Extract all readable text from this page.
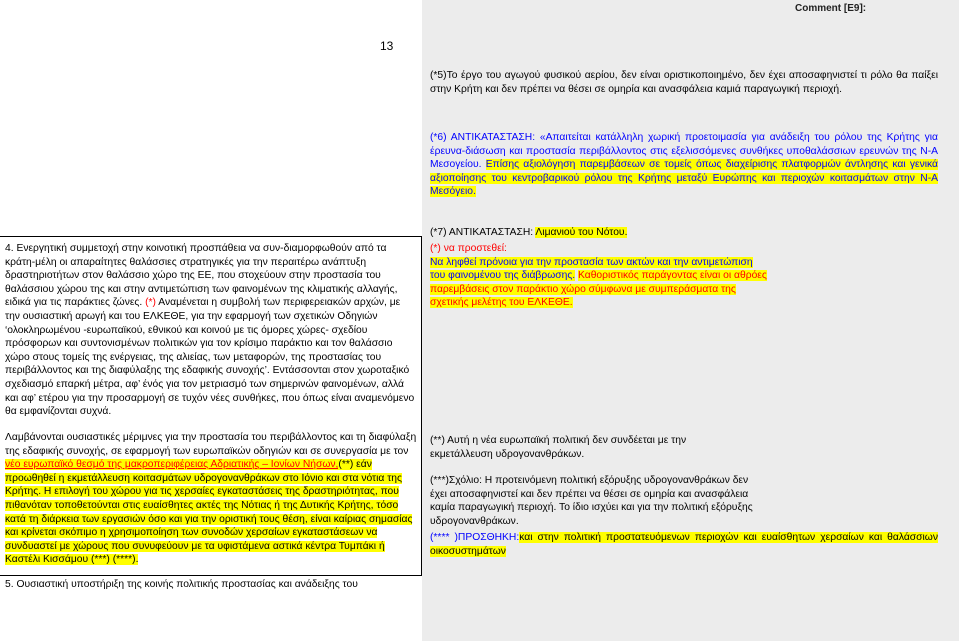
13
Comment [Ε9]:
(*5)Το έργο του αγωγού φυσικού αερίου, δεν είναι οριστικοποιημένο, δεν έχει αποσαφηνιστεί τι ρόλο θα παίξει στην Κρήτη και δεν πρέπει να θέσει σε ομηρία και ανασφάλεια καμιά παραγωγική περιοχή.
(*6) ΑΝΤΙΚΑΤΑΣΤΑΣΗ: «Απαιτείται κατάλληλη χωρική προετοιμασία για ανάδειξη του ρόλου της Κρήτης για έρευνα-διάσωση και προστασία περιβάλλοντος στις εξελισσόμενες συνθήκες υποθαλάσσιων ερευνών της Ν-Α Μεσογείου. Επίσης αξιολόγηση παρεμβάσεων σε τομείς όπως διαχείρισης πλατφορμών άντλησης και γενικά αξιοποίησης του κεντροβαρικού ρόλου της Κρήτης μεταξύ Ευρώπης και περιοχών κοιτασμάτων στην Ν-Α Μεσόγειο.
(*7) ΑΝΤΙΚΑΤΑΣΤΑΣΗ: Λιμανιού του Νότου.
(*) να προστεθεί:
Να ληφθεί πρόνοια για την προστασία των ακτών και την αντιμετώπιση του φαινομένου της διάβρωσης. Καθοριστικός παράγοντας είναι οι αθρόες παρεμβάσεις στον παράκτιο χώρο σύμφωνα με συμπεράσματα της σχετικής μελέτης του ΕΛΚΕΘΕ.
(**) Αυτή η νέα ευρωπαϊκή πολιτική δεν συνδέεται με την εκμετάλλευση υδρογονανθράκων.
(***)Σχόλιο: Η προτεινόμενη πολιτική εξόρυξης υδρογονανθράκων δεν έχει αποσαφηνιστεί και δεν πρέπει να θέσει σε ομηρία και ανασφάλεια καμία παραγωγική περιοχή. Το ίδιο ισχύει και για την πολιτική εξόρυξης υδρογονανθράκων.
(**** )ΠΡΟΣΘΗΚΗ:και στην πολιτική προστατευόμενων περιοχών και ευαίσθητων χερσαίων και θαλάσσιων οικοσυστημάτων
4. Ενεργητική συμμετοχή στην κοινοτική προσπάθεια να συν-διαμορφωθούν από τα κράτη-μέλη οι απαραίτητες θαλάσσιες στρατηγικές για την περαιτέρω ανάπτυξη δραστηριοτήτων στον θαλάσσιο χώρο της ΕΕ, που στοχεύουν στην προστασία του θαλάσσιου χώρου της και στην αντιμετώπιση των φαινομένων της κλιματικής αλλαγής, ειδικά για τις παράκτιες ζώνες. (*) Αναμένεται η συμβολή των περιφερειακών αρχών, με την ουσιαστική αρωγή και του ΕΛΚΕΘΕ, για την εφαρμογή των σχετικών Οδηγιών ‘ολοκληρωμένου -ευρωπαϊκού, εθνικού και κοινού με τις όμορες χώρες- σχεδίου πρόσφορων και συντονισμένων πολιτικών για τον κρίσιμο παράκτιο και τον θαλάσσιο χώρο στους τομείς της ενέργειας, της αλιείας, των μεταφορών, της προστασίας του περιβάλλοντος και της διαφύλαξης της εδαφικής συνοχής’. Εντάσσονται στον χωροταξικό σχεδιασμό επαρκή μέτρα, αφ’ ένός για τον μετριασμό των σημερινών φαινομένων, αλλά και αφ’ ετέρου για την προσαρμογή σε τυχόν νέες συνθήκες, που όπως είναι αναμενόμενο θα εμφανίζονται συχνά.
Λαμβάνονται ουσιαστικές μέριμνες για την προστασία του περιβάλλοντος και τη διαφύλαξη της εδαφικής συνοχής, σε εφαρμογή των ευρωπαϊκών οδηγιών και σε συνεργασία με τον νέο ευρωπαϊκό θεσμό της μακροπεριφέρειας Αδριατικής – Ιονίων Νήσων,(**) εάν προωθηθεί η εκμετάλλευση κοιτασμάτων υδρογονανθράκων στο Ιόνιο και στα νότια της Κρήτης. Η επιλογή του χώρου για τις χερσαίες εγκαταστάσεις της δραστηριότητας, που πιθανόταν τοποθετούνται στις ευαίσθητες ακτές της Νότιας ή της Δυτικής Κρήτης, τόσο κατά τη διάρκεια των εργασιών όσο και για την οριστική τους θέση, είναι καίριας σημασίας και κρίνεται σκόπιμο η χρησιμοποίηση των συνοδών χερσαίων εγκαταστάσεων να συνδυαστεί με χώρους που συνυφεύουν με τα υφιστάμενα αστικά κέντρα Τυμπάκι ή Καστέλι Κισσάμου (***) (****).
5. Ουσιαστική υποστήριξη της κοινής πολιτικής προστασίας και ανάδειξης του
